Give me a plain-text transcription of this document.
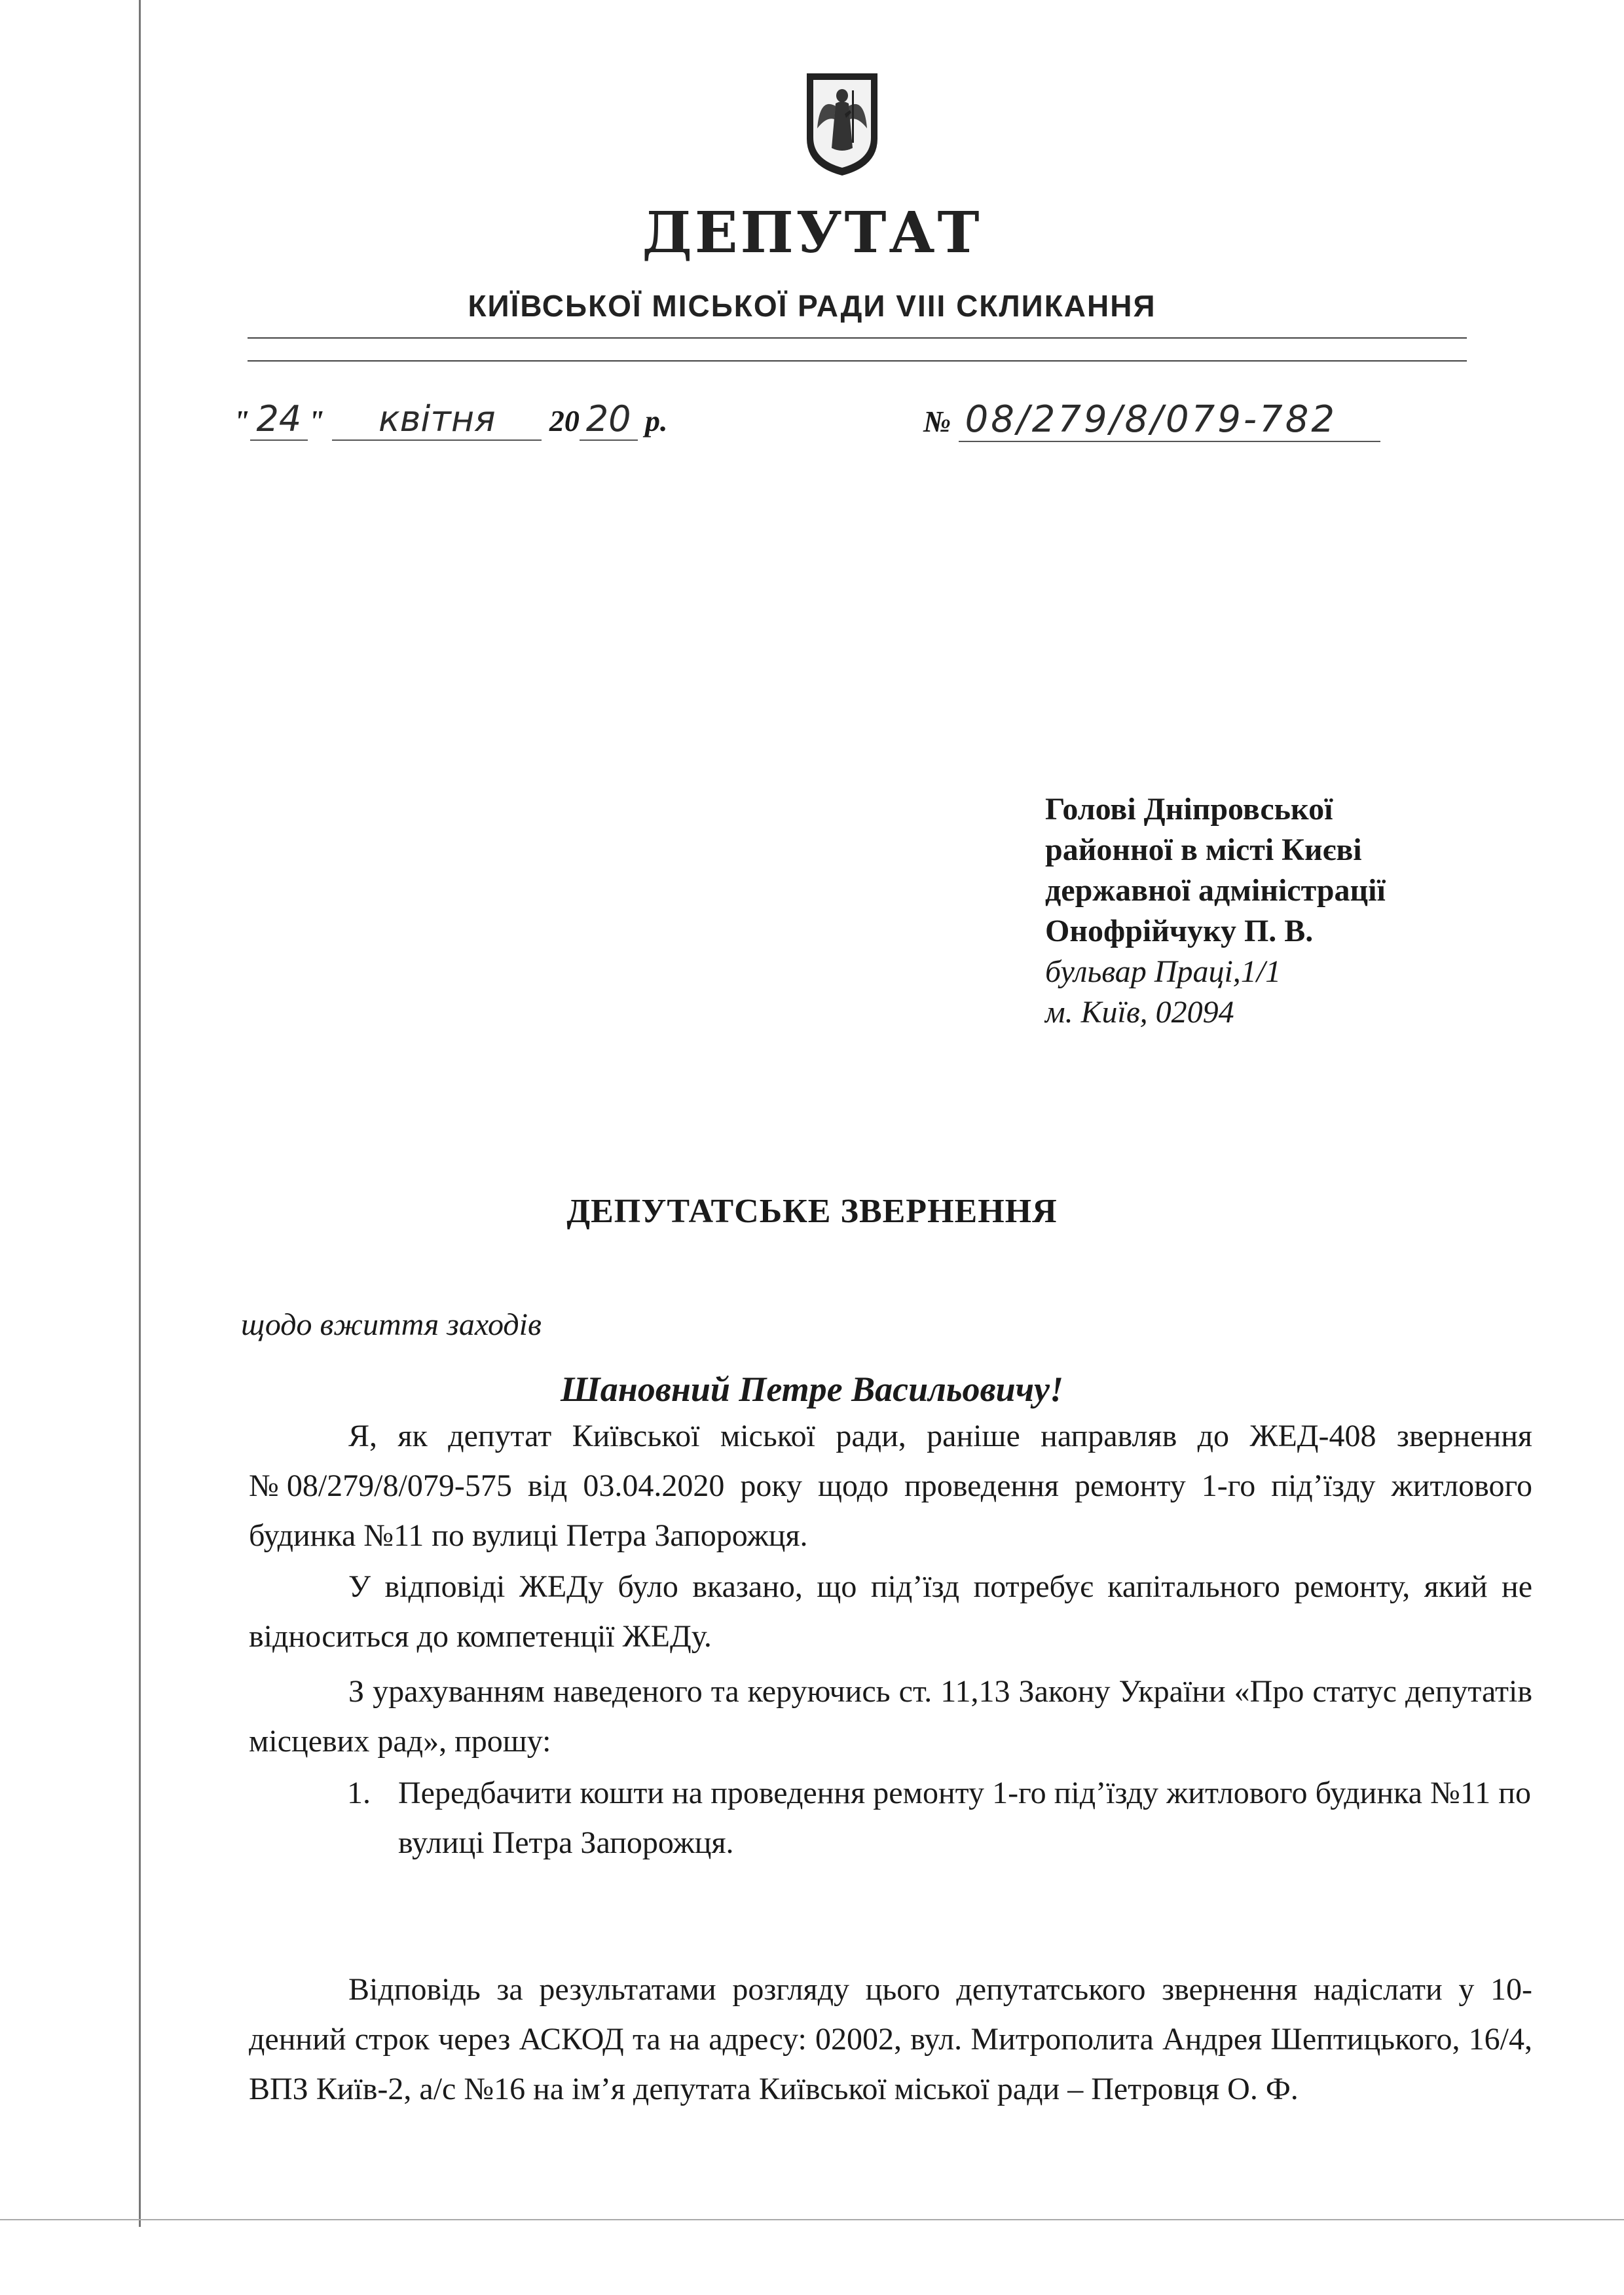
ДЕПУТАТ
КИЇВСЬКОЇ МІСЬКОЇ РАДИ VIII СКЛИКАННЯ
" 24 " квітня 20 20 р.	№ 08/279/8/079-782
Голові Дніпровської
районної в місті Києві
державної адміністрації
Онофрійчуку П. В.
бульвар Праці,1/1
м. Київ, 02094
ДЕПУТАТСЬКЕ ЗВЕРНЕННЯ
щодо вжиття заходів
Шановний Петре Васильовичу!
Я, як депутат Київської міської ради, раніше направляв до ЖЕД-408 звернення №08/279/8/079-575 від 03.04.2020 року щодо проведення ремонту 1-го під’їзду житлового будинка №11 по вулиці Петра Запорожця.
У відповіді ЖЕДу було вказано, що під’їзд потребує капітального ремонту, який не відноситься до компетенції ЖЕДу.
З урахуванням наведеного та керуючись ст. 11,13 Закону України «Про статус депутатів місцевих рад», прошу:
1. Передбачити кошти на проведення ремонту 1-го під’їзду житлового будинка №11 по вулиці Петра Запорожця.
Відповідь за результатами розгляду цього депутатського звернення надіслати у 10-денний строк через АСКОД та на адресу: 02002, вул. Митрополита Андрея Шептицького, 16/4, ВПЗ Київ-2, а/с №16 на ім’я депутата Київської міської ради – Петровця О. Ф.
